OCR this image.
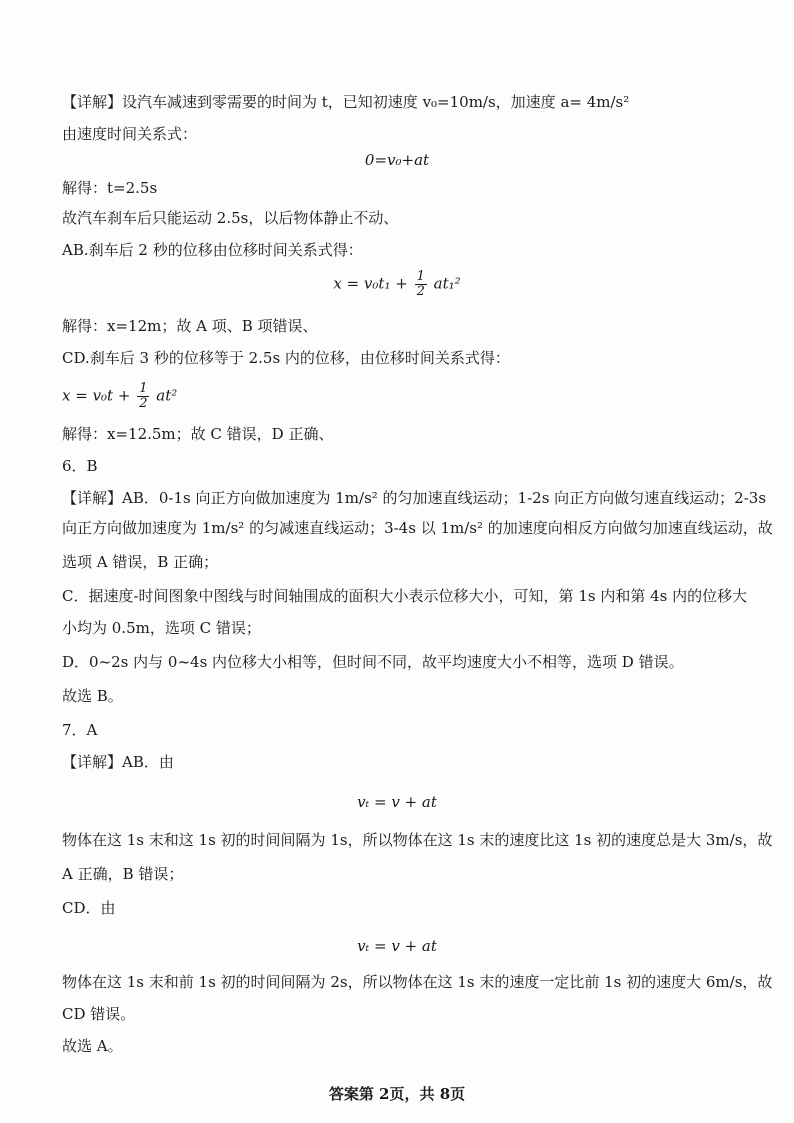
【详解】设汽车减速到零需要的时间为 t，已知初速度 v₀=10m/s，加速度 a= 4m/s²
由速度时间关系式：
0=v₀+at
解得：t=2.5s
故汽车刹车后只能运动 2.5s，以后物体静止不动、
AB.刹车后 2 秒的位移由位移时间关系式得：
$x = v_0t_1 + \frac{1}{2} at_1^2$
解得：x=12m；故 A 项、B 项错误、
CD.刹车后 3 秒的位移等于 2.5s 内的位移，由位移时间关系式得：
$x = v_0t + \frac{1}{2} at^2$
解得：x=12.5m；故 C 错误，D 正确、
6．B
【详解】AB．0-1s 向正方向做加速度为 1m/s² 的匀加速直线运动；1-2s 向正方向做匀速直线运动；2-3s
向正方向做加速度为 1m/s² 的匀减速直线运动；3-4s 以 1m/s² 的加速度向相反方向做匀加速直线运动，故
选项 A 错误，B 正确；
C．据速度-时间图象中图线与时间轴围成的面积大小表示位移大小，可知，第 1s 内和第 4s 内的位移大
小均为 0.5m，选项 C 错误；
D．0~2s 内与 0~4s 内位移大小相等，但时间不同，故平均速度大小不相等，选项 D 错误。
故选 B。
7．A
【详解】AB．由
vₜ = v + at
物体在这 1s 末和这 1s 初的时间间隔为 1s，所以物体在这 1s 末的速度比这 1s 初的速度总是大 3m/s，故
A 正确，B 错误；
CD．由
vₜ = v + at
物体在这 1s 末和前 1s 初的时间间隔为 2s，所以物体在这 1s 末的速度一定比前 1s 初的速度大 6m/s，故
CD 错误。
故选 A。
答案第 2页，共 8页
